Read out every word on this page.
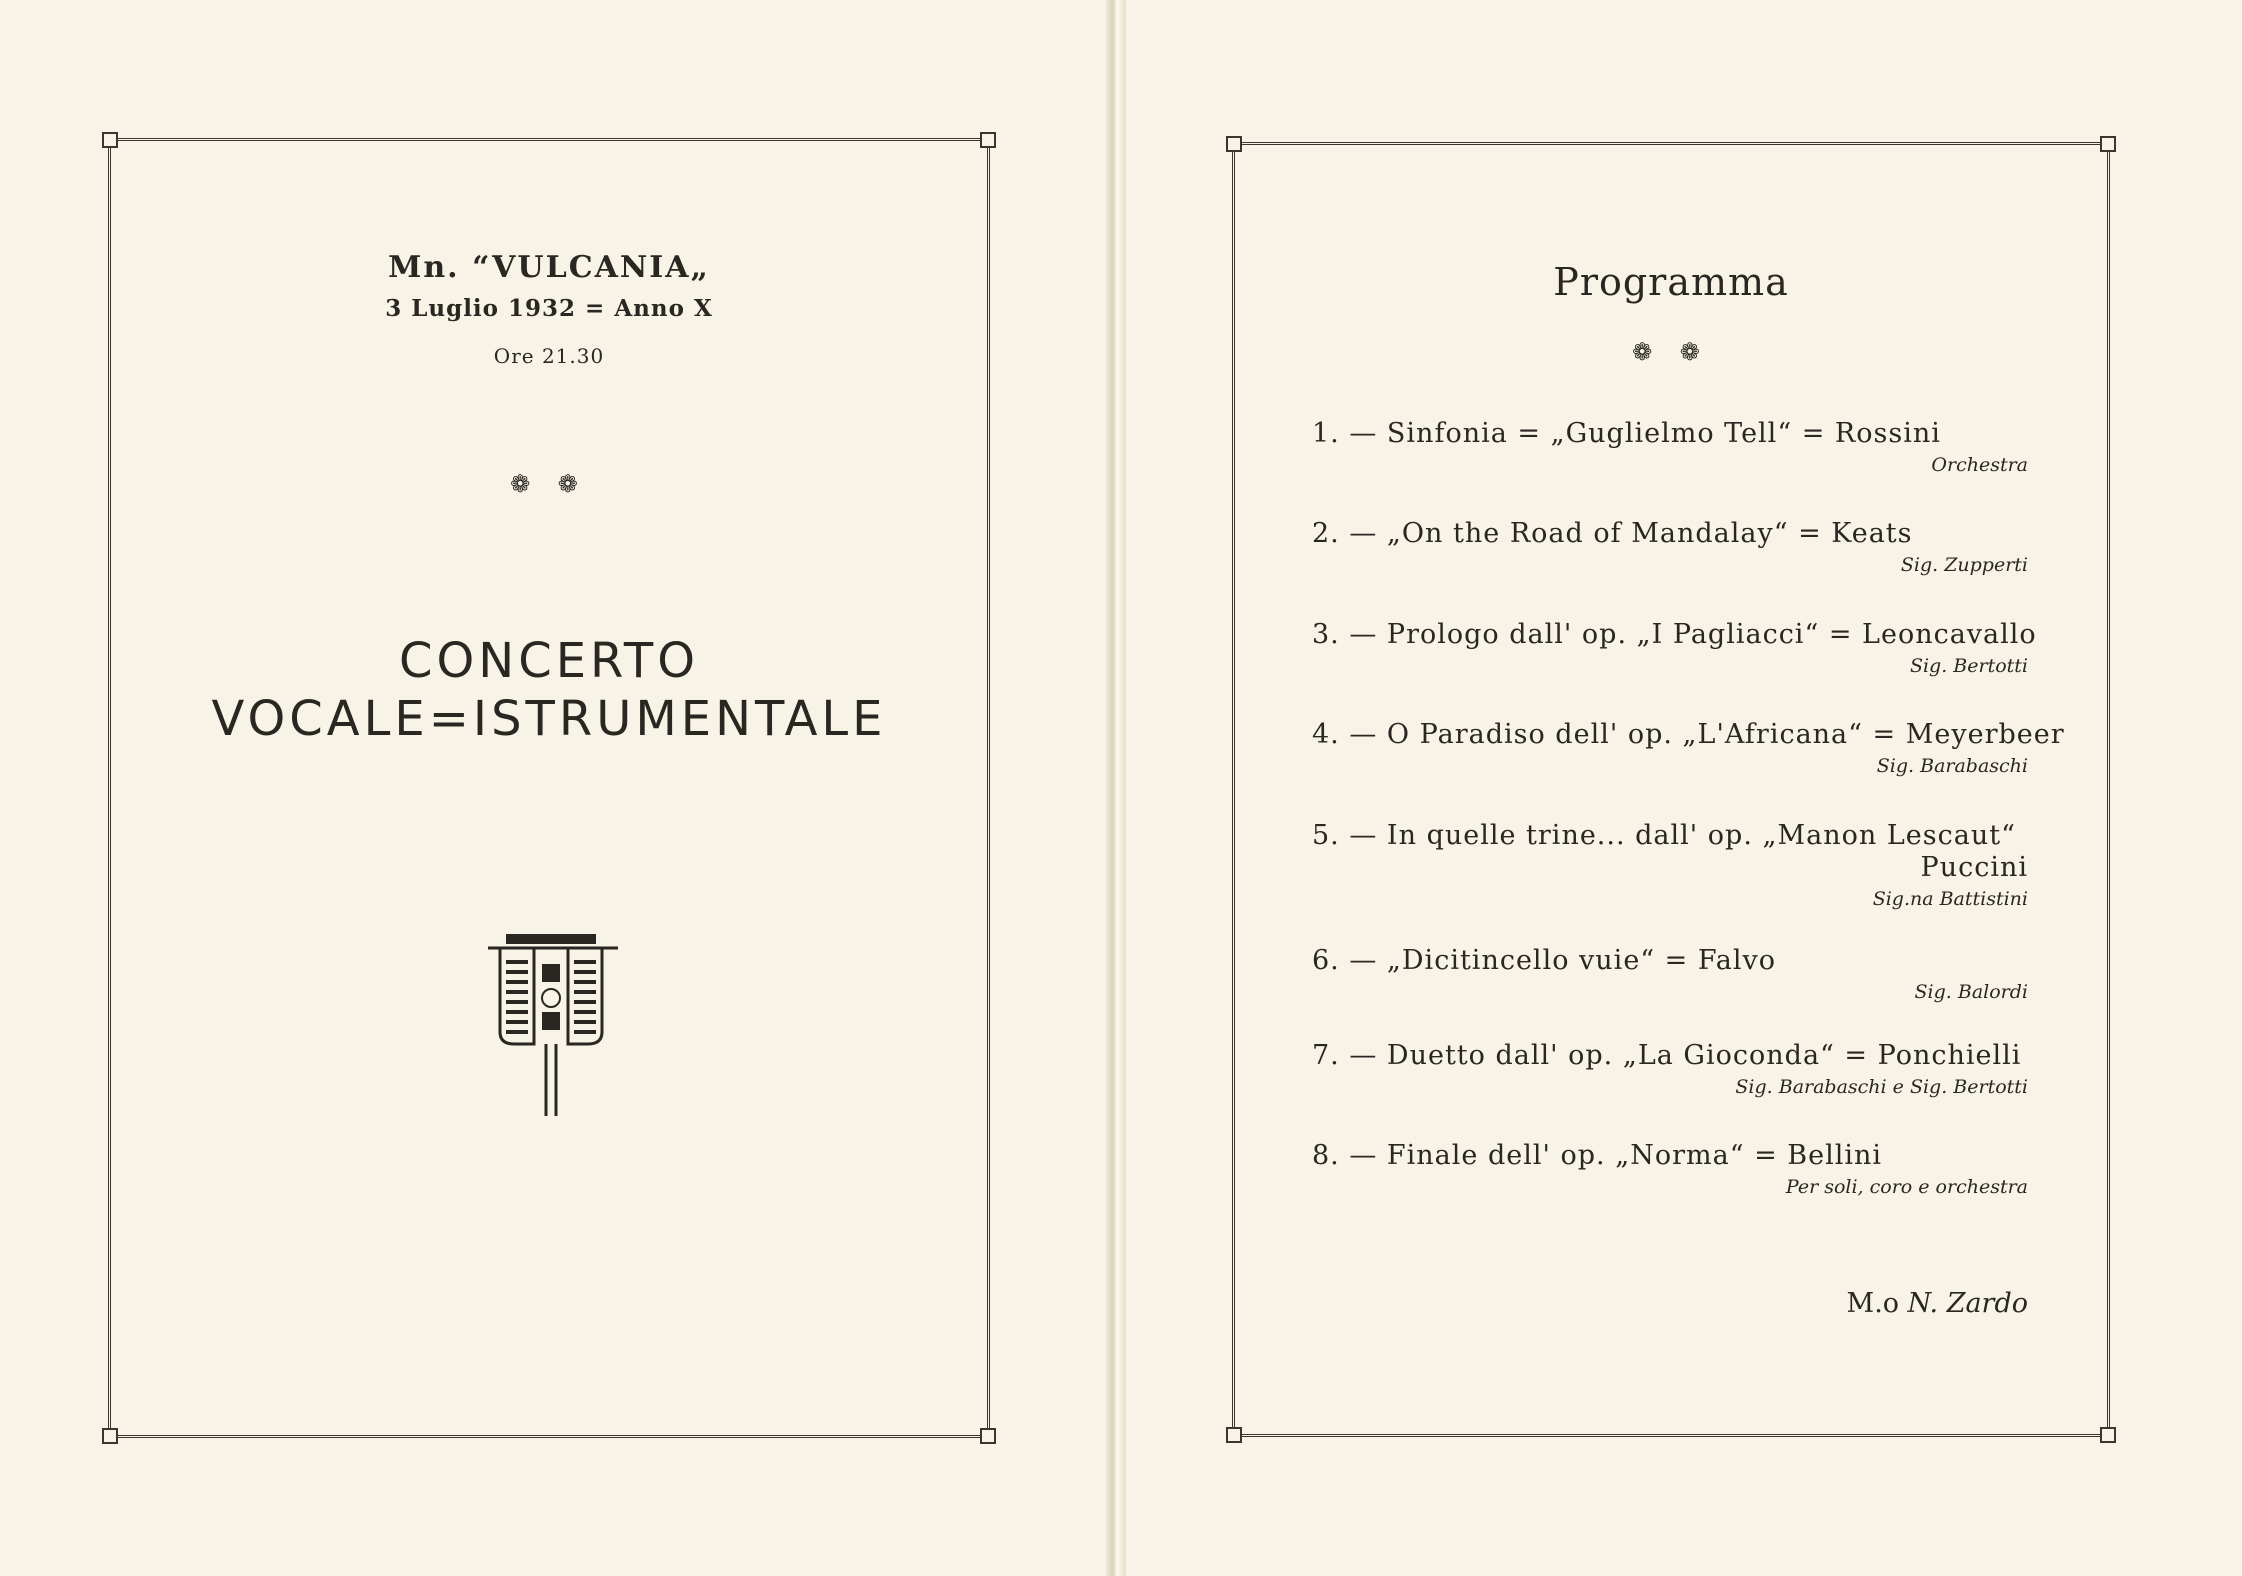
Mn. “VULCANIA„
3 Luglio 1932 = Anno X
Ore 21.30
❁ ❁
CONCERTO
VOCALE=ISTRUMENTALE
Programma
❁ ❁
1. — Sinfonia = „Guglielmo Tell“ = Rossini
Orchestra
2. — „On the Road of Mandalay“ = Keats
Sig. Zupperti
3. — Prologo dall' op. „I Pagliacci“ = Leoncavallo
Sig. Bertotti
4. — O Paradiso dell' op. „L'Africana“ = Meyerbeer
Sig. Barabaschi
5. — In quelle trine... dall' op. „Manon Lescaut“
Puccini
Sig.na Battistini
6. — „Dicitincello vuie“ = Falvo
Sig. Balordi
7. — Duetto dall' op. „La Gioconda“ = Ponchielli
Sig. Barabaschi e Sig. Bertotti
8. — Finale dell' op. „Norma“ = Bellini
Per soli, coro e orchestra
M.o N. Zardo
